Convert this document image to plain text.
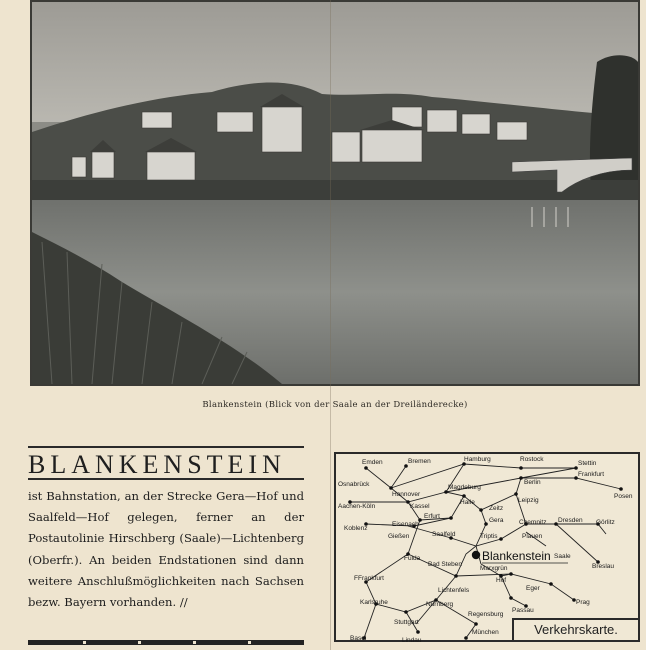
Blankenstein (Blick von der Saale an der Dreiländerecke)
BLANKENSTEIN
ist Bahnstation, an der Strecke Gera—Hof und Saalfeld—Hof gelegen, ferner an der Postautolinie Hirschberg (Saale)—Lichtenberg (Oberfr.). An beiden Endstationen sind dann weitere Anschlußmöglichkeiten nach Sachsen bezw. Bayern vorhanden. //
Emden	Bremen	Hamburg	Rostock
Stettin
Osnabrück
Hannover
Magdeburg
Berlin
Frankfurt
Posen
Aachen-Köln	Kassel
Halle
Zeitz
Leipzig
Koblenz
Eisenach
Erfurt
Gera Chemnitz Dresden Görlitz
Gießen	Saalfeld	Triptis	Plauen
Fulda	Saale
Breslau
Bad Steben
Marxgrün
FFrankfurt	Hof
Lichtenfels	Eger
Karlsruhe	Nürnberg
Passau
Prag
Regensburg
Stuttgart
Basel
München
Lindau
Blankenstein
Verkehrskarte.
